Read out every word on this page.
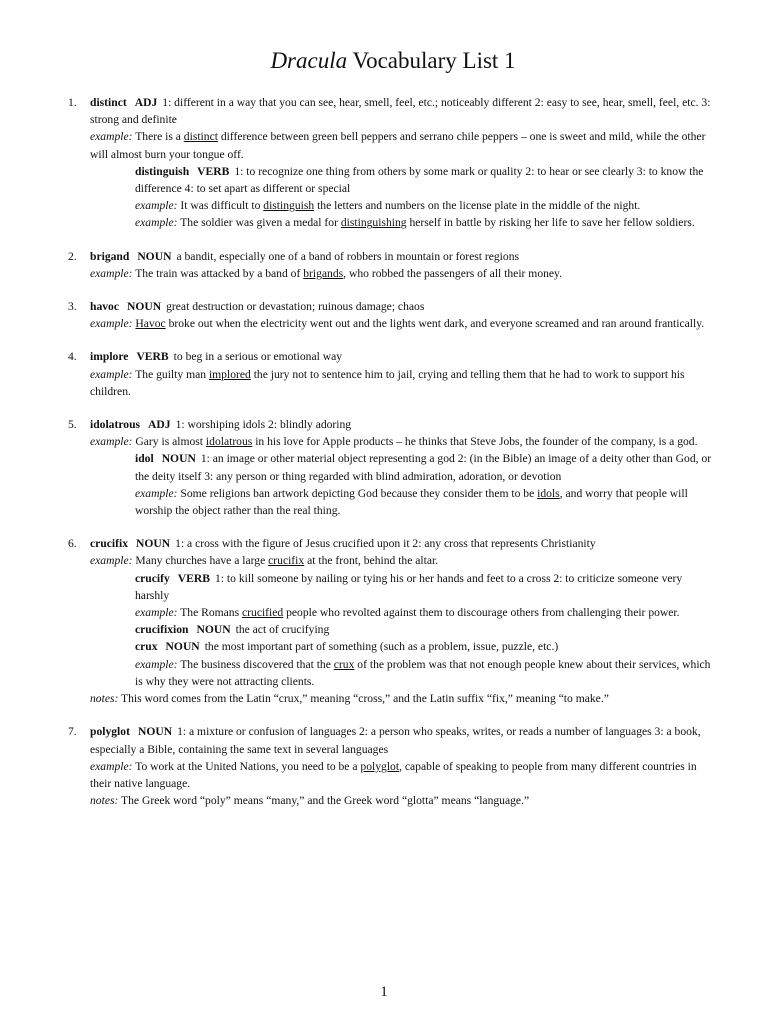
Dracula Vocabulary List 1
1. distinct ADJ 1: different in a way that you can see, hear, smell, feel, etc.; noticeably different 2: easy to see, hear, smell, feel, etc. 3: strong and definite
example: There is a distinct difference between green bell peppers and serrano chile peppers – one is sweet and mild, while the other will almost burn your tongue off.
distinguish VERB 1: to recognize one thing from others by some mark or quality 2: to hear or see clearly 3: to know the difference 4: to set apart as different or special
example: It was difficult to distinguish the letters and numbers on the license plate in the middle of the night.
example: The soldier was given a medal for distinguishing herself in battle by risking her life to save her fellow soldiers.
2. brigand NOUN a bandit, especially one of a band of robbers in mountain or forest regions
example: The train was attacked by a band of brigands, who robbed the passengers of all their money.
3. havoc NOUN great destruction or devastation; ruinous damage; chaos
example: Havoc broke out when the electricity went out and the lights went dark, and everyone screamed and ran around frantically.
4. implore VERB to beg in a serious or emotional way
example: The guilty man implored the jury not to sentence him to jail, crying and telling them that he had to work to support his children.
5. idolatrous ADJ 1: worshiping idols 2: blindly adoring
example: Gary is almost idolatrous in his love for Apple products – he thinks that Steve Jobs, the founder of the company, is a god.
idol NOUN 1: an image or other material object representing a god 2: (in the Bible) an image of a deity other than God, or the deity itself 3: any person or thing regarded with blind admiration, adoration, or devotion
example: Some religions ban artwork depicting God because they consider them to be idols, and worry that people will worship the object rather than the real thing.
6. crucifix NOUN 1: a cross with the figure of Jesus crucified upon it 2: any cross that represents Christianity
example: Many churches have a large crucifix at the front, behind the altar.
crucify VERB 1: to kill someone by nailing or tying his or her hands and feet to a cross 2: to criticize someone very harshly
example: The Romans crucified people who revolted against them to discourage others from challenging their power.
crucifixion NOUN the act of crucifying
crux NOUN the most important part of something (such as a problem, issue, puzzle, etc.)
example: The business discovered that the crux of the problem was that not enough people knew about their services, which is why they were not attracting clients.
notes: This word comes from the Latin “crux,” meaning “cross,” and the Latin suffix “fix,” meaning “to make.”
7. polyglot NOUN 1: a mixture or confusion of languages 2: a person who speaks, writes, or reads a number of languages 3: a book, especially a Bible, containing the same text in several languages
example: To work at the United Nations, you need to be a polyglot, capable of speaking to people from many different countries in their native language.
notes: The Greek word “poly” means “many,” and the Greek word “glotta” means “language.”
1
